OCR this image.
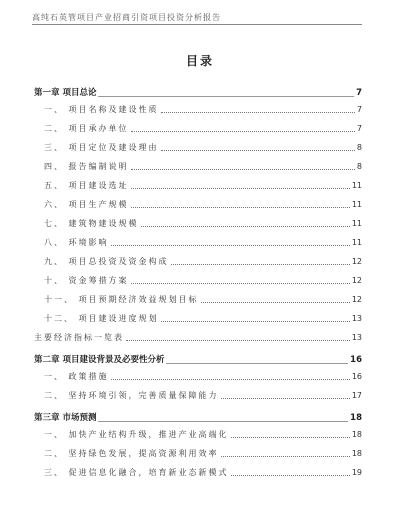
高纯石英管项目产业招商引资项目投资分析报告
目录
第一章 项目总论	7
一、 项目名称及建设性质	7
二、 项目承办单位	7
三、 项目定位及建设理由	8
四、 报告编制说明	8
五、 项目建设选址	11
六、 项目生产规模	11
七、 建筑物建设规模	11
八、 环境影响	11
九、 项目总投资及资金构成	12
十、 资金筹措方案	12
十一、 项目预期经济效益规划目标	12
十二、 项目建设进度规划	13
主要经济指标一览表	13
第二章 项目建设背景及必要性分析	16
一、 政策措施	16
二、 坚持环境引领，完善质量保障能力	17
第三章 市场预测	18
一、 加快产业结构升级，推进产业高端化	18
二、 坚持绿色发展，提高资源利用效率	18
三、 促进信息化融合，培育新业态新模式	19
